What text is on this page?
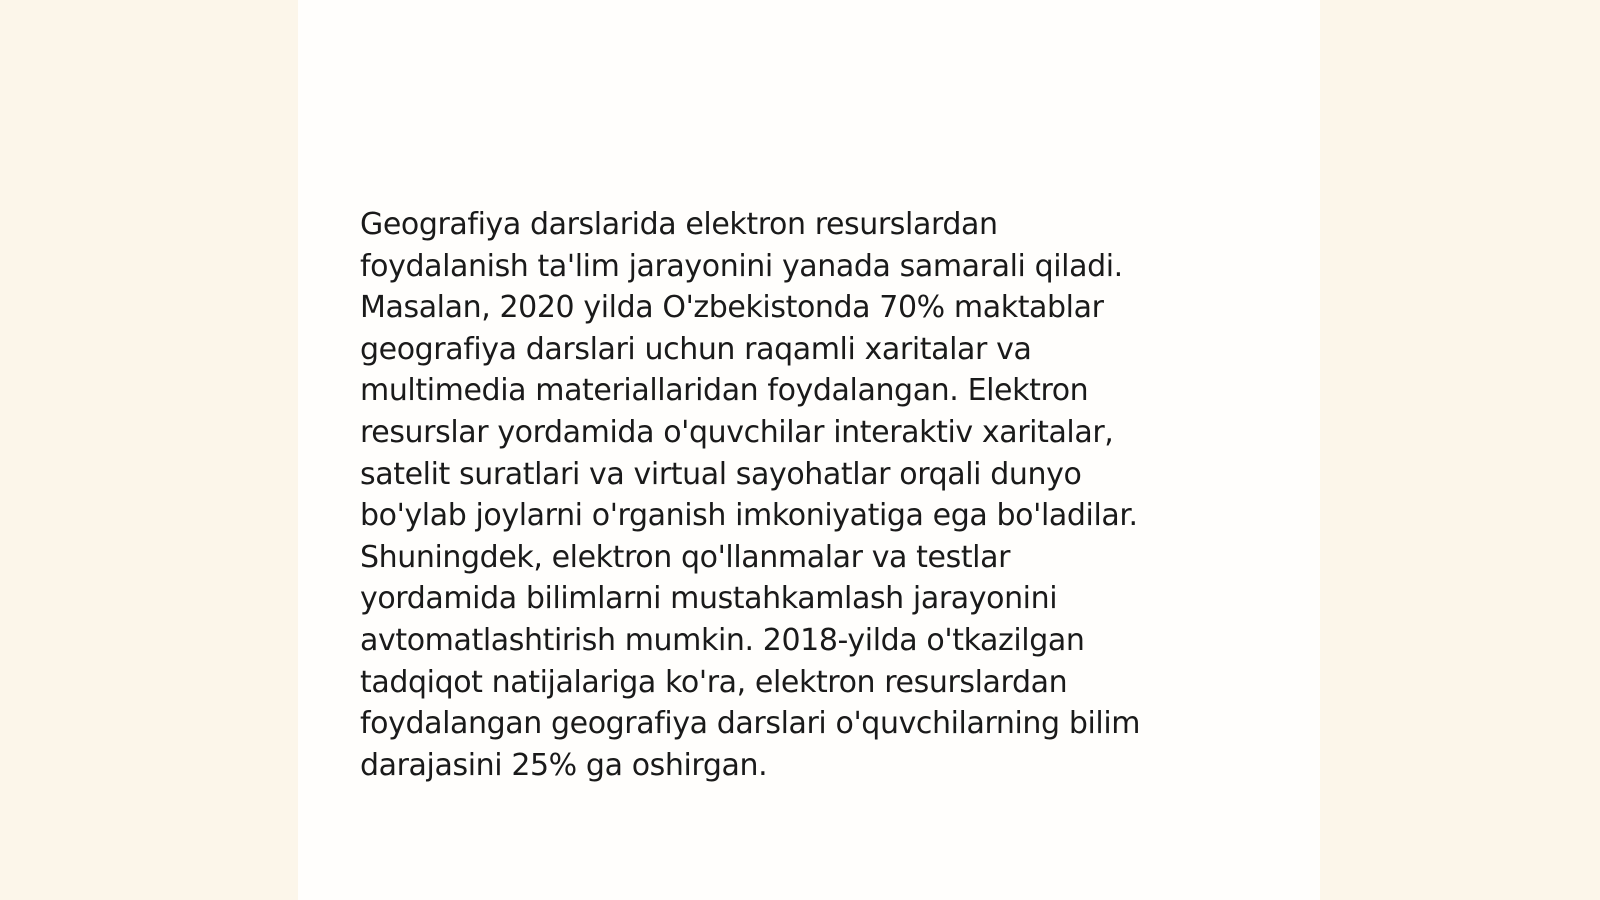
Geografiya darslarida elektron resurslardan
foydalanish ta'lim jarayonini yanada samarali qiladi.
Masalan, 2020 yilda O'zbekistonda 70% maktablar
geografiya darslari uchun raqamli xaritalar va
multimedia materiallaridan foydalangan. Elektron
resurslar yordamida o'quvchilar interaktiv xaritalar,
satelit suratlari va virtual sayohatlar orqali dunyo
bo'ylab joylarni o'rganish imkoniyatiga ega bo'ladilar.
Shuningdek, elektron qo'llanmalar va testlar
yordamida bilimlarni mustahkamlash jarayonini
avtomatlashtirish mumkin. 2018-yilda o'tkazilgan
tadqiqot natijalariga ko'ra, elektron resurslardan
foydalangan geografiya darslari o'quvchilarning bilim
darajasini 25% ga oshirgan.
